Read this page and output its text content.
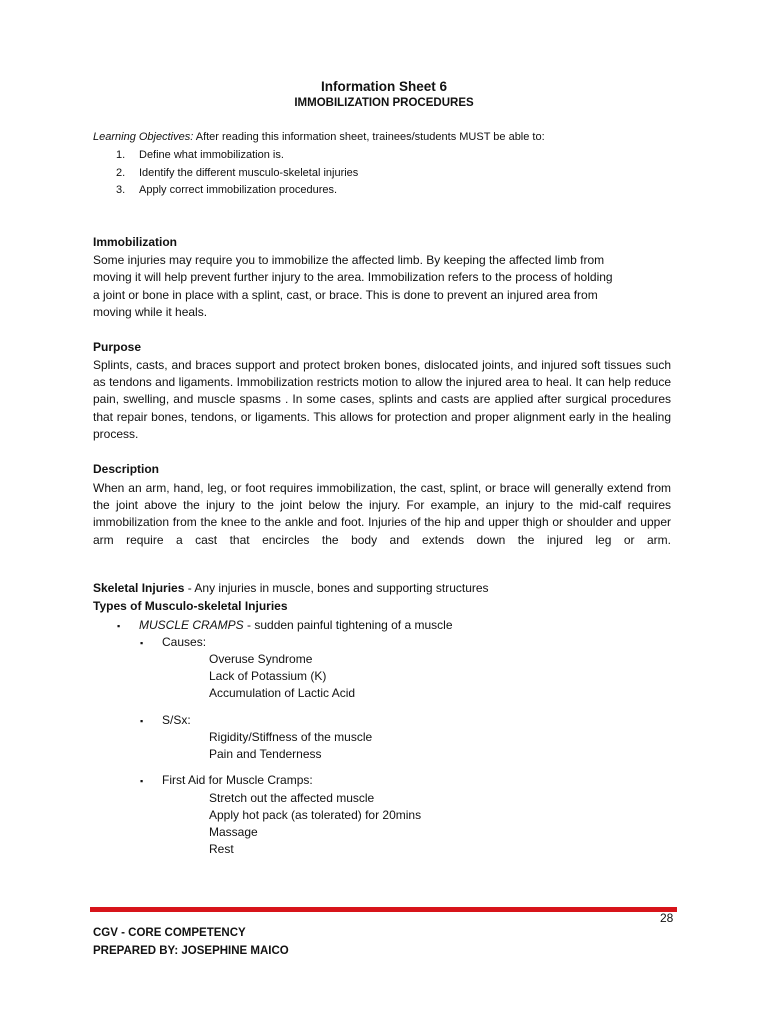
Information Sheet 6
IMMOBILIZATION PROCEDURES
Learning Objectives: After reading this information sheet, trainees/students MUST be able to:
1. Define what immobilization is.
2. Identify the different musculo-skeletal injuries
3. Apply correct immobilization procedures.
Immobilization
Some injuries may require you to immobilize the affected limb. By keeping the affected limb from
moving it will help prevent further injury to the area. Immobilization refers to the process of holding
a joint or bone in place with a splint, cast, or brace. This is done to prevent an injured area from
moving while it heals.
Purpose
Splints, casts, and braces support and protect broken bones, dislocated joints, and injured soft tissues such as tendons and ligaments. Immobilization restricts motion to allow the injured area to heal. It can help reduce pain, swelling, and muscle spasms . In some cases, splints and casts are applied after surgical procedures that repair bones, tendons, or ligaments. This allows for protection and proper alignment early in the healing process.
Description
When an arm, hand, leg, or foot requires immobilization, the cast, splint, or brace will generally extend from the joint above the injury to the joint below the injury. For example, an injury to the mid-calf requires immobilization from the knee to the ankle and foot. Injuries of the hip and upper thigh or shoulder and upper arm require a cast that encircles the body and extends down the injured leg or arm.
Skeletal Injuries - Any injuries in muscle, bones and supporting structures
Types of Musculo-skeletal Injuries
▪ MUSCLE CRAMPS - sudden painful tightening of a muscle
▪ Causes:
Overuse Syndrome
Lack of Potassium (K)
Accumulation of Lactic Acid
▪ S/Sx:
Rigidity/Stiffness of the muscle
Pain and Tenderness
▪ First Aid for Muscle Cramps:
Stretch out the affected muscle
Apply hot pack (as tolerated) for 20mins
Massage
Rest
28
CGV - CORE COMPETENCY
PREPARED BY: JOSEPHINE MAICO
